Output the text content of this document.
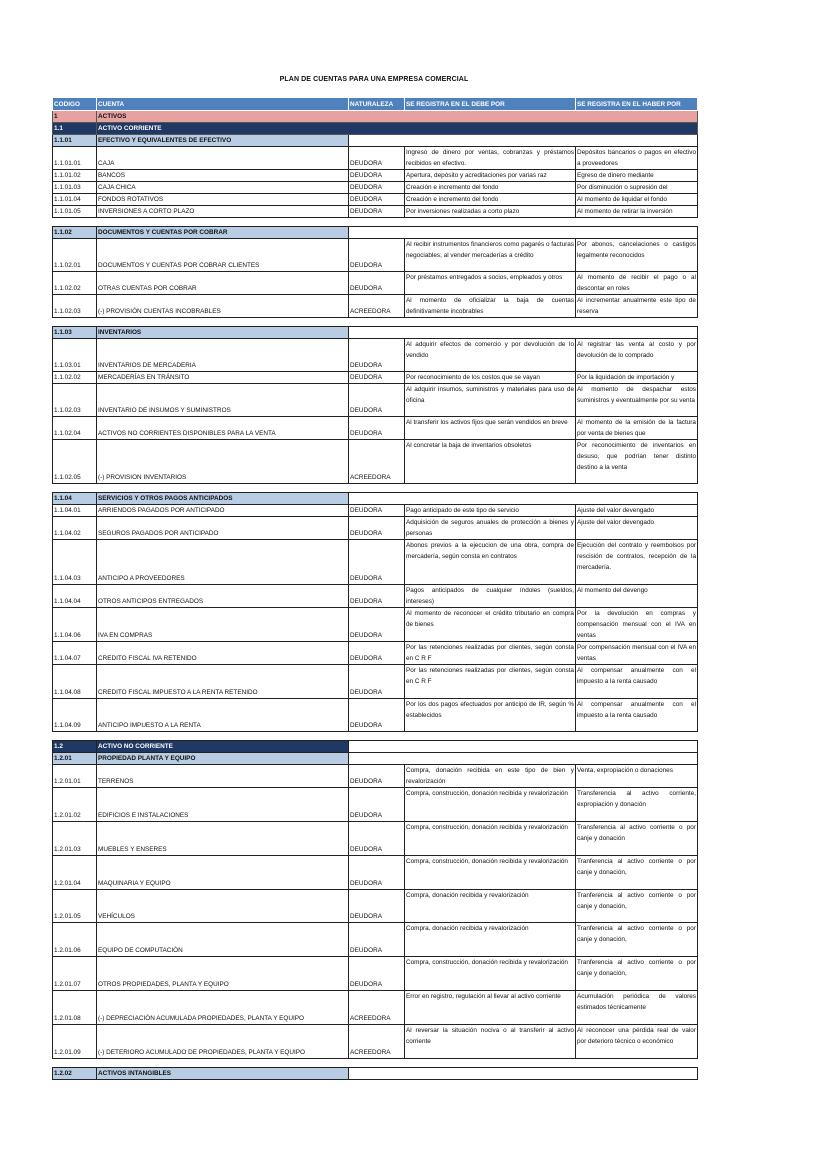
PLAN DE CUENTAS PARA UNA EMPRESA COMERCIAL
CODIGO	CUENTA	NATURALEZA	SE REGISTRA EN EL DEBE POR	SE REGISTRA EN EL HABER POR
1	ACTIVOS			
1.1	ACTIVO CORRIENTE			
1.1.01	EFECTIVO Y EQUIVALENTES DE EFECTIVO			
1.1.01.01	CAJA	DEUDORA	Ingreso de dinero por ventas, cobranzas y préstamos recibidos en efectivo.	Depósitos bancarios o pagos en efectivo a proveedores
1.1.01.02	BANCOS	DEUDORA	Apertura, depósito y acreditaciones por varias raz	Egreso de dinero mediante
1.1.01.03	CAJA CHICA	DEUDORA	Creación e incremento del fondo	Por disminución o supresión del
1.1.01.04	FONDOS ROTATIVOS	DEUDORA	Creación e incremento del fondo	Al momento de liquidar el fondo
1.1.01.05	INVERSIONES A CORTO PLAZO	DEUDORA	Por inversiones realizadas a corto plazo	Al momento de retirar la inversión

1.1.02	DOCUMENTOS Y CUENTAS POR COBRAR			
1.1.02.01	DOCUMENTOS Y CUENTAS POR COBRAR CLIENTES	DEUDORA	Al recibir instrumentos financieros como pagarés o facturas negociables, al vender mercaderías a crédito	Por abonos, cancelaciones o castigos legalmente reconocidos
1.1.02.02	OTRAS CUENTAS POR COBRAR	DEUDORA	Por préstamos entregados a socios, empleados y otros	Al momento de recibir el pago o al descontar en roles
1.1.02.03	(-) PROVISIÓN CUENTAS INCOBRABLES	ACREEDORA	Al momento de oficializar la baja de cuentas definitivamente incobrables	Al incrementar anualmente este tipo de reserva

1.1.03	INVENTARIOS			
1.1.03.01	INVENTARIOS DE MERCADERIA	DEUDORA	Al adquirir efectos de comercio y por devolución de lo vendido	Al registrar las venta al costo y por devolución de lo comprado
1.1.02.02	MERCADERÍAS EN TRÁNSITO	DEUDORA	Por reconocimiento de los costos que se vayan	Por la liquidación de importación y
1.1.02.03	INVENTARIO DE INSUMOS Y SUMINISTROS	DEUDORA	Al adquirir insumos, suministros y materiales para uso de oficina	Al momento de despachar estos suministros y eventualmente por su venta
1.1.02.04	ACTIVOS NO CORRIENTES DISPONIBLES PARA LA VENTA	DEUDORA	Al transferir los activos fijos que serán vendidos en breve	Al momento de la emisión de la factura por venta de bienes que
1.1.02.05	(-) PROVISION INVENTARIOS	ACREEDORA	Al concretar la baja de inventarios obsoletos	Por reconocimiento de inventarios en desuso, que podrían tener distinto destino a la venta

1.1.04	SERVICIOS Y OTROS PAGOS ANTICIPADOS			
1.1.04.01	ARRIENDOS PAGADOS POR ANTICIPADO	DEUDORA	Pago anticipado de este tipo de servicio	Ajuste del valor devengado
1.1.04.02	SEGUROS PAGADOS POR ANTICIPADO	DEUDORA	Adquisición de seguros anuales de protección a bienes y personas	Ajuste del valor devengado
1.1.04.03	ANTICIPO A PROVEEDORES	DEUDORA	Abonos previos a la ejecucion de una obra, compra de mercadería, según consta en contratos	Ejecución del contrato y reembolsos por rescisión de contratos, recepción de la mercadería.
1.1.04.04	OTROS ANTICIPOS ENTREGADOS	DEUDORA	Pagos anticipados de cualquier índoles (sueldos, intereses)	Al momento del devengo
1.1.04.06	IVA EN COMPRAS	DEUDORA	Al momento de reconocer el crédito tributario en compra de bienes	Por la devolución en compras y compensación mensual con el IVA en ventas
1.1.04.07	CREDITO FISCAL IVA RETENIDO	DEUDORA	Por las retenciones realizadas por clientes, según consta en C R F	Por compensación mensual con el IVA en ventas
1.1.04.08	CREDITO FISCAL IMPUESTO A LA RENTA RETENIDO	DEUDORA	Por las retenciones realizadas por clientes, según consta en C R F	Al compensar anualmente con el impuesto a la renta causado
1.1.04.09	ANTICIPO IMPUESTO A LA RENTA	DEUDORA	Por los dos pagos efectuados por anticipo de IR, según % establecidos	Al compensar anualmente con el impuesto a la renta causado

1.2	ACTIVO NO CORRIENTE			
1.2.01	PROPIEDAD PLANTA Y EQUIPO			
1.2.01.01	TERRENOS	DEUDORA	Compra, donación recibida en este tipo de bien y revalorización	Venta, expropiación o donaciones
1.2.01.02	EDIFICIOS E INSTALACIONES	DEUDORA	Compra, construcción, donación recibida y revalorización	Transferencia al activo corriente, expropiación y donación
1.2.01.03	MUEBLES Y ENSERES	DEUDORA	Compra, construcción, donación recibida y revalorización	Transferencia al activo corriente o por canje y donación
1.2.01.04	MAQUINARIA Y EQUIPO	DEUDORA	Compra, construcción, donación recibida y revalorización	Tranferencia al activo corriente o por canje y donación,
1.2.01.05	VEHÍCULOS	DEUDORA	Compra, donación recibida y revalorización	Tranferencia al activo corriente o por canje y donación,
1.2.01.06	EQUIPO DE COMPUTACIÓN	DEUDORA	Compra, donación recibida y revalorización	Tranferencia al activo corriente o por canje y donación,
1.2.01.07	OTROS PROPIEDADES, PLANTA Y EQUIPO	DEUDORA	Compra, construcción, donación recibida y revalorización	Tranferencia al activo corriente o por canje y donación,
1.2.01.08	(-) DEPRECIACIÓN ACUMULADA PROPIEDADES, PLANTA Y EQUIPO	ACREEDORA	Error en registro, regulación al llevar al activo corriente	Acumulación periódica de valores estimados técnicamente
1.2.01.09	(-) DETERIORO ACUMULADO DE PROPIEDADES, PLANTA Y EQUIPO	ACREEDORA	Al reversar la situación nociva o al transferir al activo corriente	Al reconocer una pérdida real de valor por deterioro técnico o económico

1.2.02	ACTIVOS INTANGIBLES			
